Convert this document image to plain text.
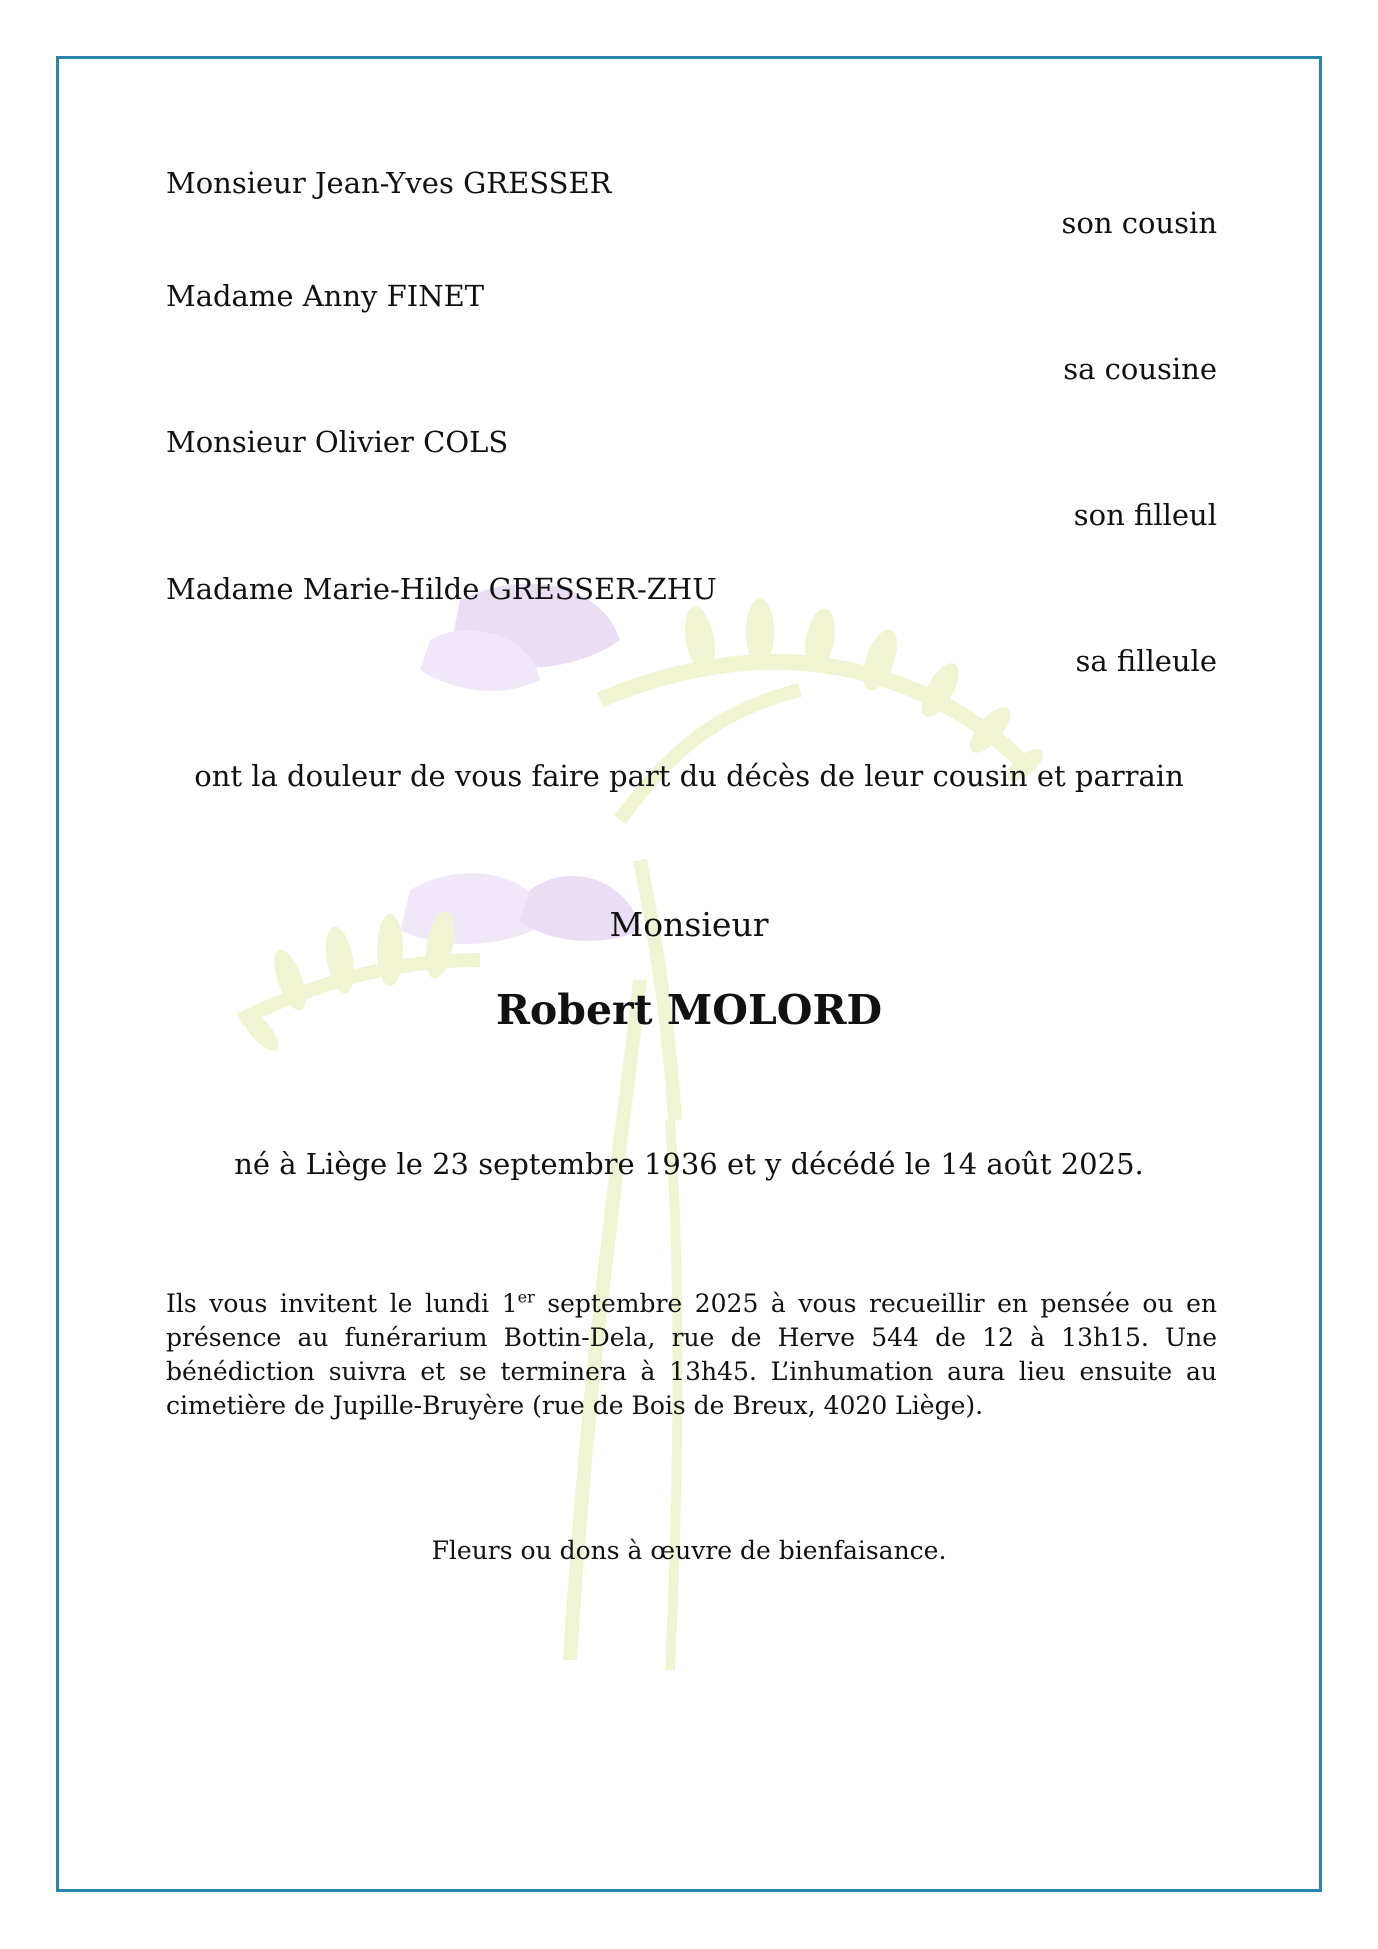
Monsieur Jean-Yves GRESSER
son cousin
Madame Anny FINET
sa cousine
Monsieur Olivier COLS
son filleul
Madame Marie-Hilde GRESSER-ZHU
sa filleule
ont la douleur de vous faire part du décès de leur cousin et parrain
Monsieur
Robert MOLORD
né à Liège le 23 septembre 1936 et y décédé le 14 août 2025.
Ils vous invitent le lundi 1er septembre 2025 à vous recueillir en pensée ou en présence au funérarium Bottin-Dela, rue de Herve 544 de 12 à 13h15. Une bénédiction suivra et se terminera à 13h45. L’inhumation aura lieu ensuite au cimetière de Jupille-Bruyère (rue de Bois de Breux, 4020 Liège).
Fleurs ou dons à œuvre de bienfaisance.
